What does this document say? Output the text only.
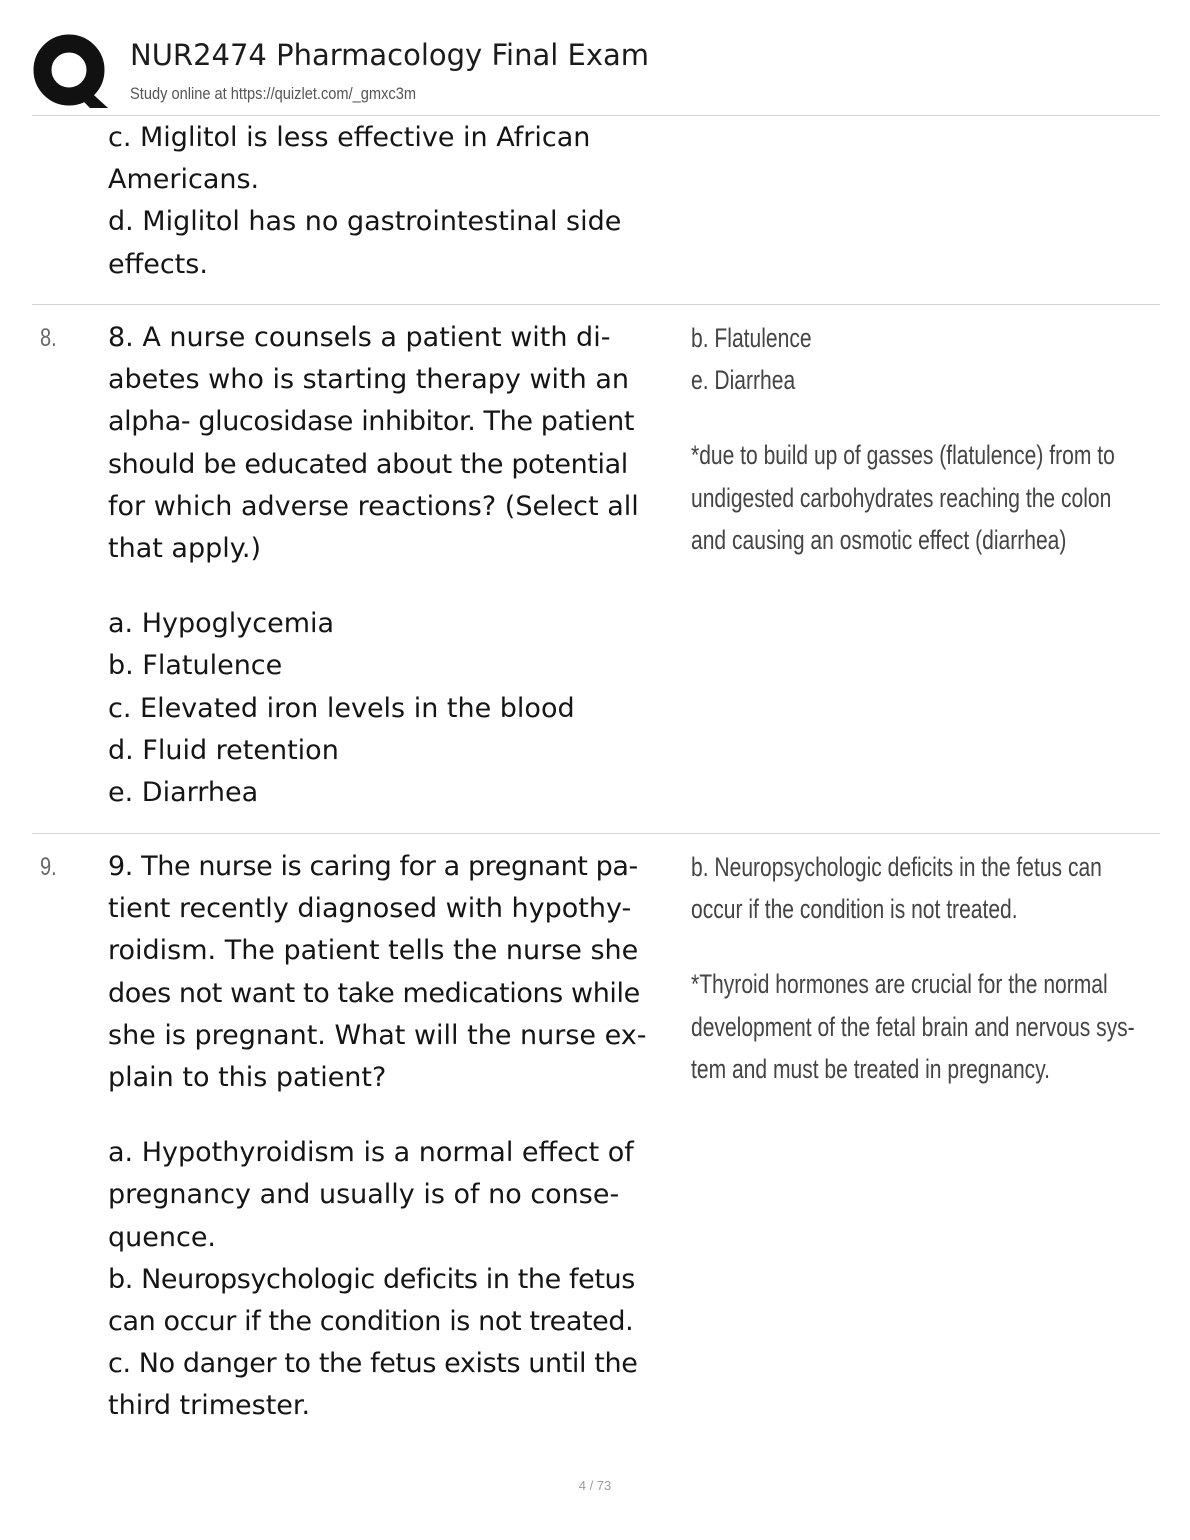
NUR2474 Pharmacology Final Exam
Study online at https://quizlet.com/_gmxc3m
c. Miglitol is less effective in African
Americans.
d. Miglitol has no gastrointestinal side
effects.
8. 8. A nurse counsels a patient with di-
abetes who is starting therapy with an
alpha- glucosidase inhibitor. The patient
should be educated about the potential
for which adverse reactions? (Select all
that apply.)
a. Hypoglycemia
b. Flatulence
c. Elevated iron levels in the blood
d. Fluid retention
e. Diarrhea
b. Flatulence
e. Diarrhea
*due to build up of gasses (flatulence) from to
undigested carbohydrates reaching the colon
and causing an osmotic effect (diarrhea)
9. 9. The nurse is caring for a pregnant pa-
tient recently diagnosed with hypothy-
roidism. The patient tells the nurse she
does not want to take medications while
she is pregnant. What will the nurse ex-
plain to this patient?
a. Hypothyroidism is a normal effect of
pregnancy and usually is of no conse-
quence.
b. Neuropsychologic deficits in the fetus
can occur if the condition is not treated.
c. No danger to the fetus exists until the
third trimester.
b. Neuropsychologic deficits in the fetus can
occur if the condition is not treated.
*Thyroid hormones are crucial for the normal
development of the fetal brain and nervous sys-
tem and must be treated in pregnancy.
4 / 73
